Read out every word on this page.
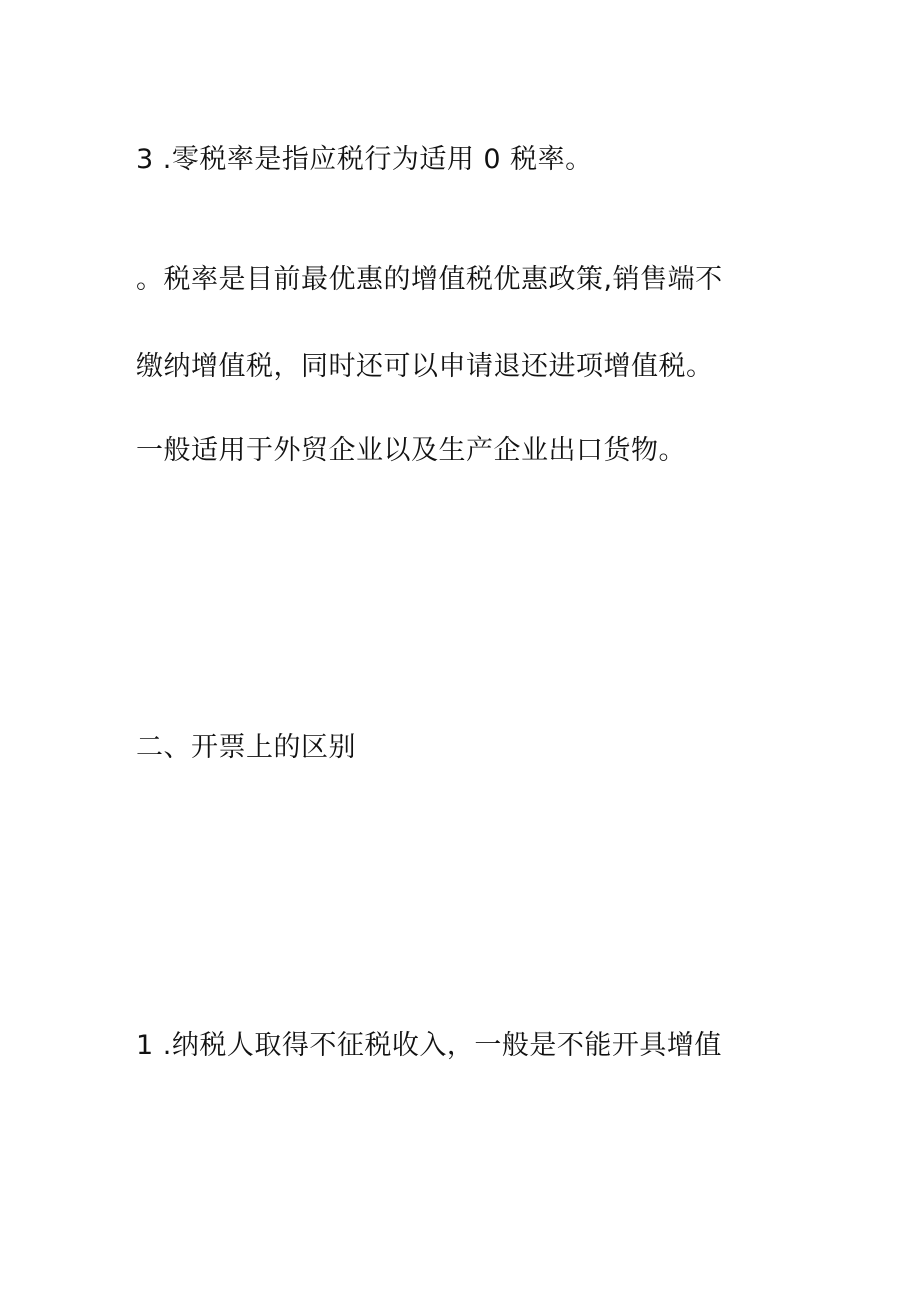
3 .零税率是指应税行为适用 0 税率。
。税率是目前最优惠的增值税优惠政策,销售端不
缴纳增值税，同时还可以申请退还进项增值税。
一般适用于外贸企业以及生产企业出口货物。
二、开票上的区别
1 .纳税人取得不征税收入，一般是不能开具增值
